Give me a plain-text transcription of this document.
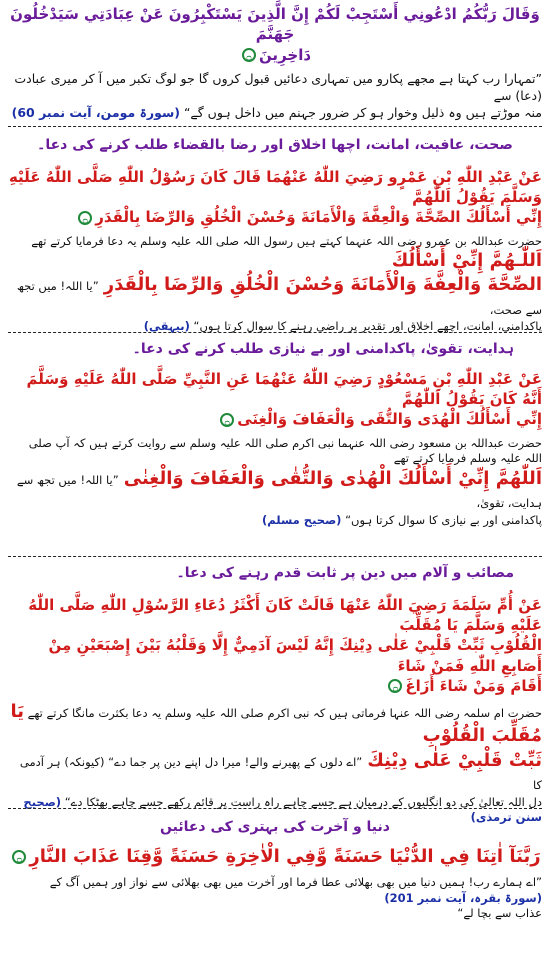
وَقَالَ رَبُّكُمُ ادْعُونِي أَسْتَجِبْ لَكُمْ إِنَّ الَّذِينَ يَسْتَكْبِرُونَ عَنْ عِبَادَتِي سَيَدْخُلُونَ جَهَنَّمَ

دَاخِرِينَ۝

”تمہارا رب کہتا ہے مجھے پکارو میں تمہاری دعائیں قبول کروں گا جو لوگ تکبر میں آ کر میری عبادت (دعا) سے

منہ موڑتے ہیں وہ ذلیل وخوار ہو کر ضرور جہنم میں داخل ہوں گے“ (سورۃ مومن، آیت نمبر 60)

صحت، عافیت، امانت، اچھا اخلاق اور رضا بالقضاء طلب کرنے کی دعا۔

عَنْ عَبْدِ اللّٰهِ بْنِ عَمْرٍو رَضِيَ اللّٰهُ عَنْهُمَا قَالَ كَانَ رَسُوْلُ اللّٰهِ صَلَّى اللّٰهُ عَلَيْهِ وَسَلَّمَ يَقُوْلُ اَللّٰهُمَّ

إِنِّي أَسْأَلُكَ الصِّحَّةَ وَالْعِفَّةَ وَالْأَمَانَةَ وَحُسْنَ الْخُلُقِ وَالرِّضَا بِالْقَدَرِ۝

حضرت عبداللہ بن عمرو رضی اللہ عنہما کہتے ہیں رسول اللہ صلی اللہ علیہ وسلم یہ دعا فرمایا کرتے تھے اَللّٰـهُمَّ إِنِّيْ أَسْأَلُكَ

الصِّحَّةَ وَالْعِفَّةَ وَالْأَمَانَةَ وَحُسْنَ الْخُلُقِ وَالرِّضَا بِالْقَدَرِ ”یا اللہ! میں تجھ سے صحت،

پاکدامنی، امانت، اچھے اخلاق اور تقدیر پر راضی رہنے کا سوال کرتا ہوں“ (بیہقی)

ہدایت، تقویٰ، پاکدامنی اور بے نیازی طلب کرنے کی دعا۔

عَنْ عَبْدِ اللّٰهِ بْنِ مَسْعُوْدٍ رَضِيَ اللّٰهُ عَنْهُمَا عَنِ النَّبِيِّ صَلَّى اللّٰهُ عَلَيْهِ وَسَلَّمَ أَنَّهُ كَانَ يَقُوْلُ اَللّٰهُمَّ

إِنِّي أَسْأَلُكَ الْهُدَى وَالتُّقَى وَالْعَفَافَ وَالْغِنَى۝

حضرت عبداللہ بن مسعود رضی اللہ عنہما نبی اکرم صلی اللہ علیہ وسلم سے روایت کرتے ہیں کہ آپ صلی اللہ علیہ وسلم فرمایا کرتے تھے

اَللّٰهُمَّ إِنِّيْ أَسْأَلُكَ الْهُدٰى وَالتُّقٰى وَالْعَفَافَ وَالْغِنٰى ”یا اللہ! میں تجھ سے ہدایت، تقویٰ،

پاکدامنی اور بے نیازی کا سوال کرتا ہوں“ (صحیح مسلم)

مصائب و آلام میں دین پر ثابت قدم رہنے کی دعا۔

عَنْ أُمِّ سَلَمَةَ رَضِيَ اللّٰهُ عَنْهَا قَالَتْ كَانَ أَكْثَرُ دُعَاءِ الرَّسُوْلِ اللّٰهِ صَلَّى اللّٰهُ عَلَيْهِ وَسَلَّمَ يَا مُقَلِّبَ

الْقُلُوْبِ ثَبِّتْ قَلْبِيْ عَلٰى دِيْنِكَ إِنَّهُ لَيْسَ آدَمِيٌّ إِلَّا وَقَلْبُهُ بَيْنَ إِصْبَعَيْنِ مِنْ أَصَابِعِ اللّٰهِ فَمَنْ شَاءَ

أَقَامَ وَمَنْ شَاءَ أَزَاغَ۝

حضرت ام سلمہ رضی اللہ عنہا فرماتی ہیں کہ نبی اکرم صلی اللہ علیہ وسلم یہ دعا بکثرت مانگا کرتے تھے يَا مُقَلِّبَ الْقُلُوْبِ

ثَبِّتْ قَلْبِيْ عَلٰى دِيْنِكَ ”اے دلوں کے پھیرنے والے! میرا دل اپنے دین پر جما دے“ (کیونکہ) ہر آدمی کا

دل اللہ تعالیٰ کی دو انگلیوں کے درمیان ہے جسے چاہے راہ راست پر قائم رکھے جسے چاہے بھٹکا دے“ (صحیح سنن ترمذی)

دنیا و آخرت کی بہتری کی دعائیں

رَبَّنَآ اٰتِنَا فِي الدُّنْيَا حَسَنَةً وَّفِي الْاٰخِرَةِ حَسَنَةً وَّقِنَا عَذَابَ النَّارِ۝

”اے ہمارے رب! ہمیں دنیا میں بھی بھلائی عطا فرما اور آخرت میں بھی بھلائی سے نواز اور ہمیں آگ کے

(سورۃ بقرہ، آیت نمبر 201)

عذاب سے بچا لے“
